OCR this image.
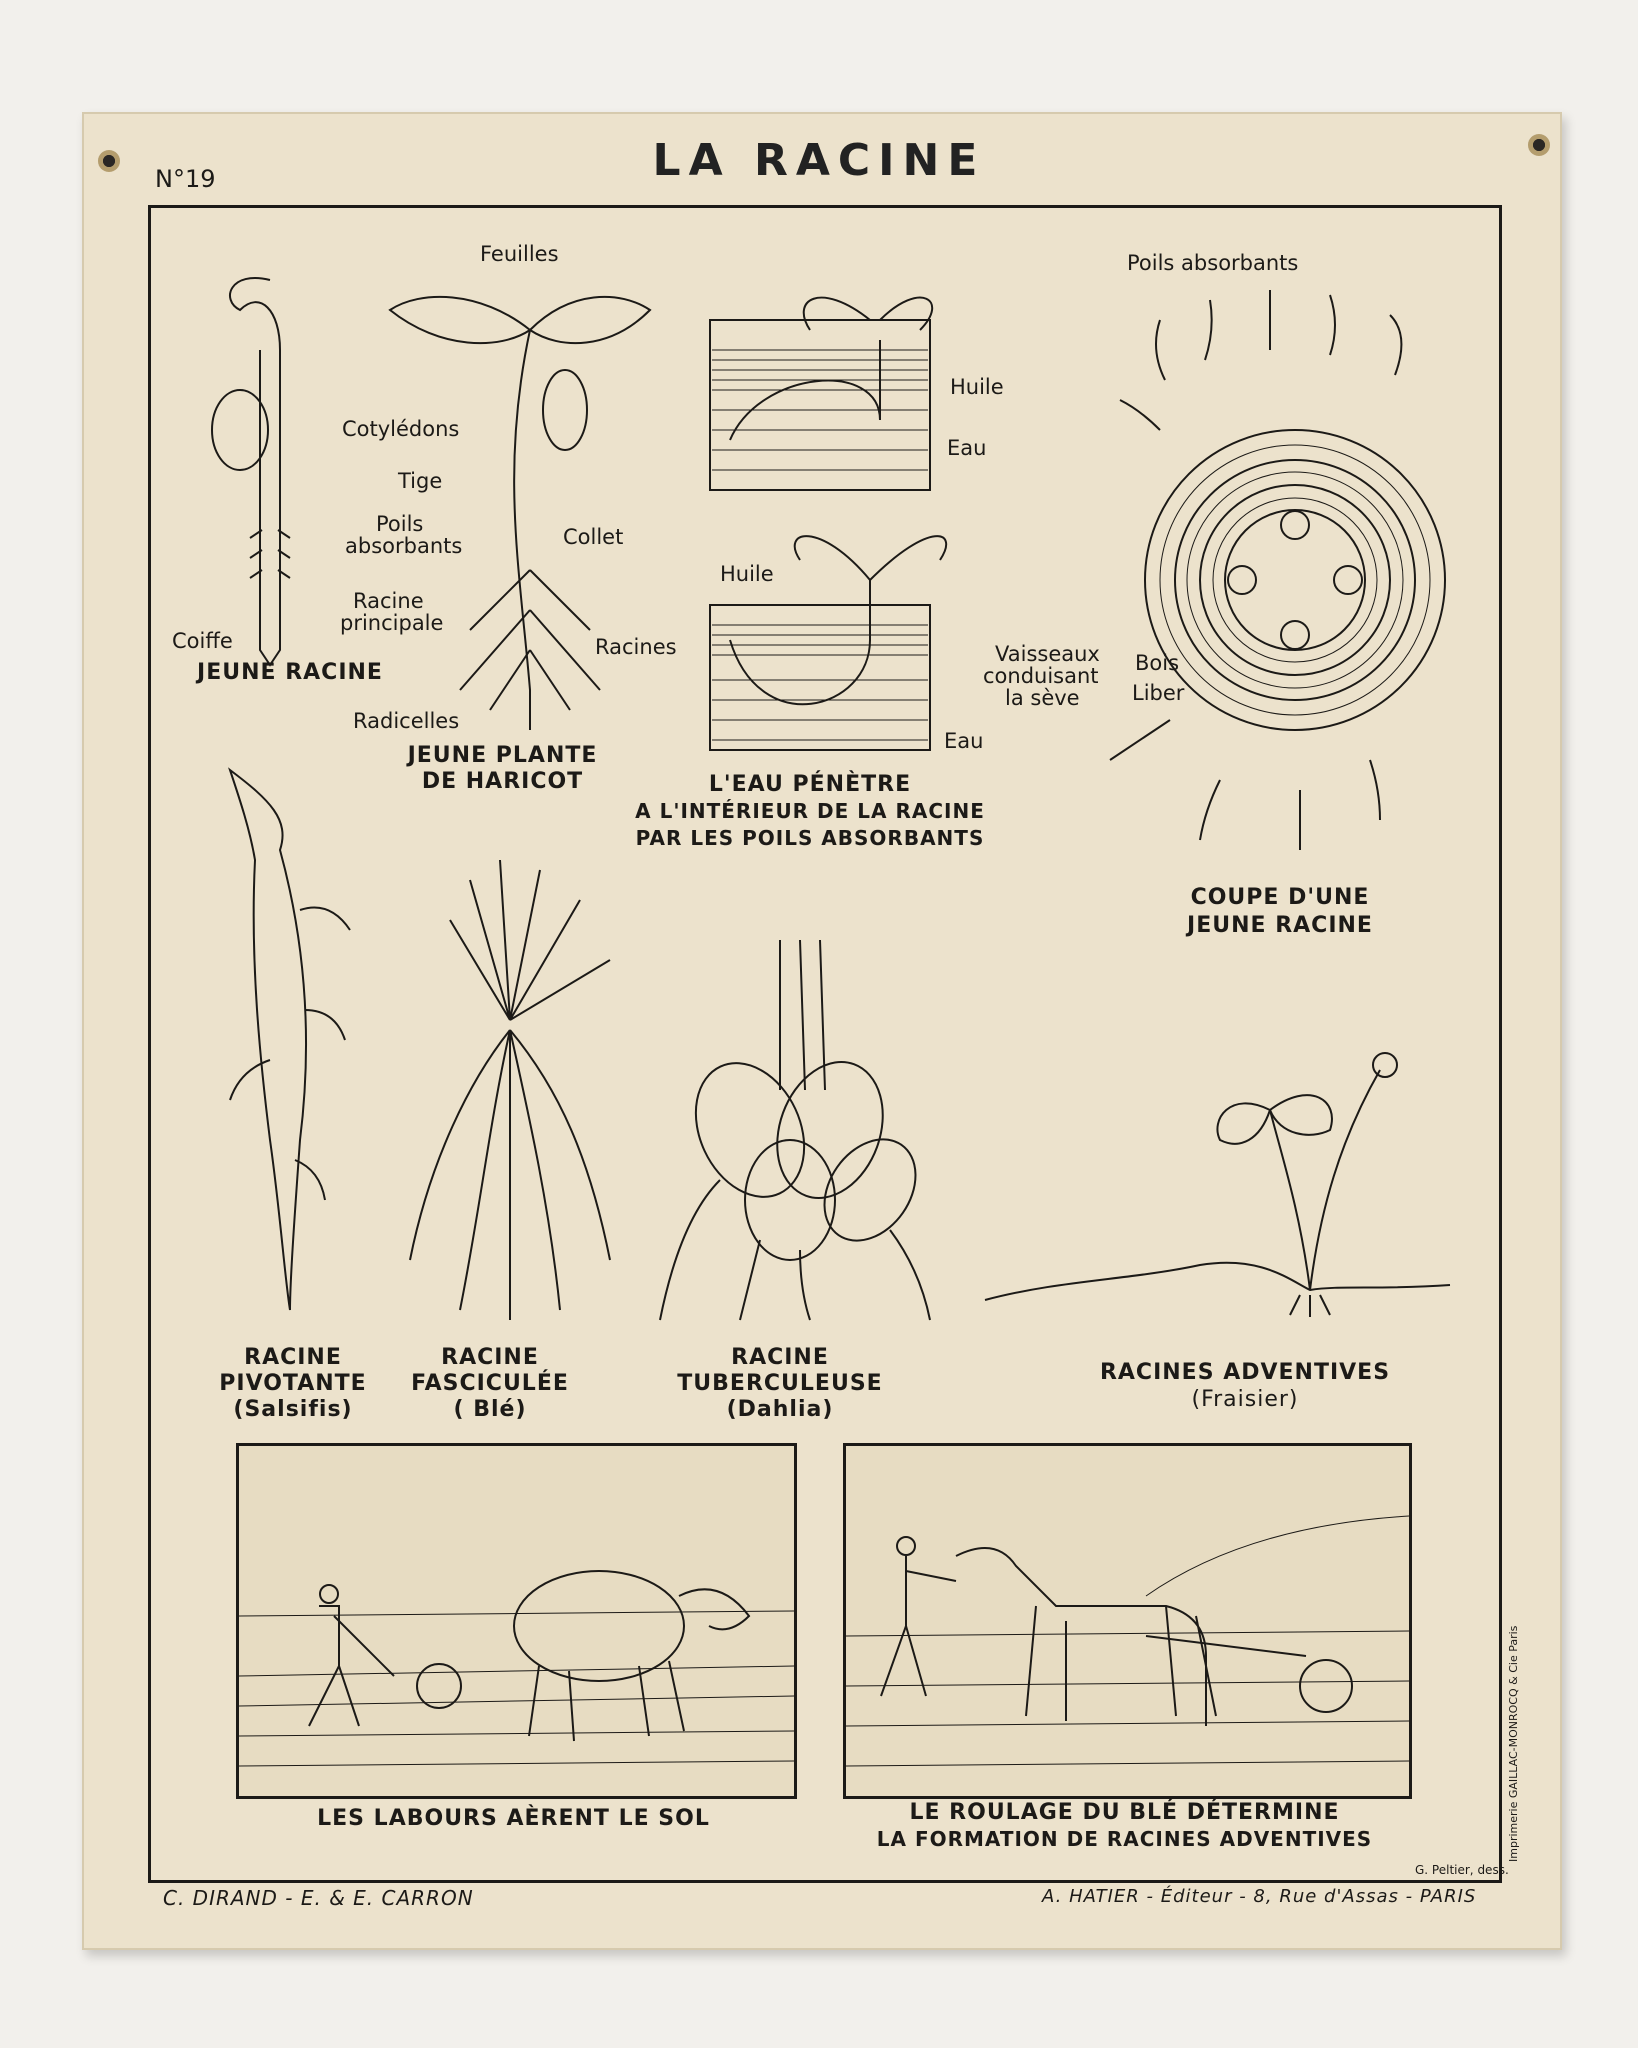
N°19	LA RACINE
Feuilles
Cotylédons
Tige
Poils
absorbants	Collet
Racine
principale
Racines
Coiffe
Radicelles
JEUNE RACINE
JEUNE PLANTE
DE HARICOT
Huile
Eau
Huile
Eau
L'EAU PÉNÈTRE
A L'INTÉRIEUR DE LA RACINE
PAR LES POILS ABSORBANTS
Poils absorbants
Vaisseaux
conduisant
la sève
Bois
Liber
COUPE D'UNE
JEUNE RACINE
RACINE
PIVOTANTE
(Salsifis)
RACINE
FASCICULÉE
( Blé)
RACINE
TUBERCULEUSE
(Dahlia)
RACINES ADVENTIVES
(Fraisier)
LES LABOURS AÈRENT LE SOL	LE ROULAGE DU BLÉ DÉTERMINE
LA FORMATION DE RACINES ADVENTIVES
C. DIRAND - E. & E. CARRON	A. HATIER - Éditeur - 8, Rue d'Assas - PARIS
G. Peltier, dess.
Imprimerie GAILLAC-MONROCQ & Cie Paris
